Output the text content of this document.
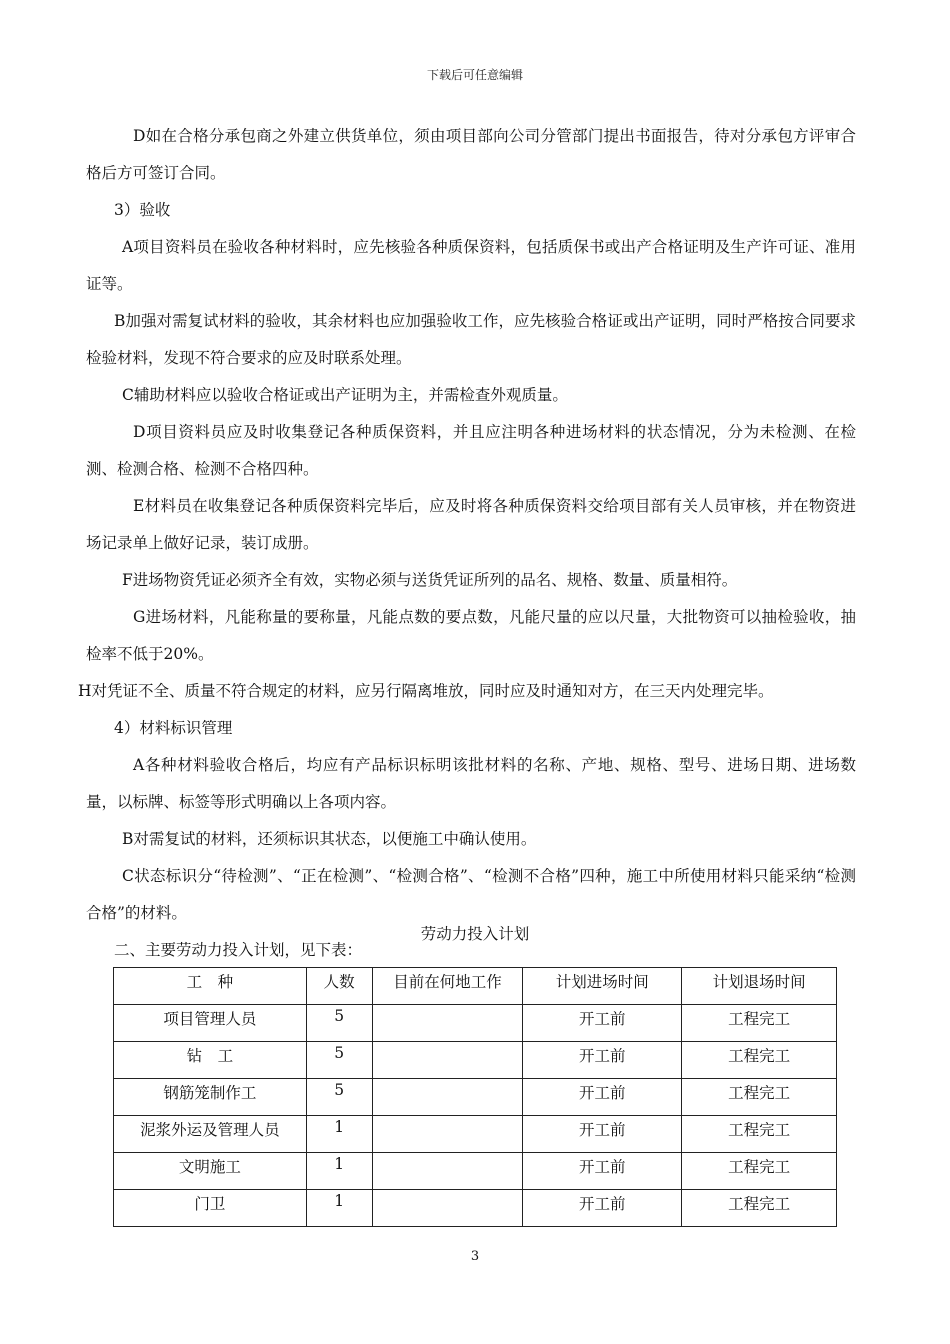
下载后可任意编辑

D如在合格分承包商之外建立供货单位，须由项目部向公司分管部门提出书面报告，待对分承包方评审合格后方可签订合同。

3）验收

A项目资料员在验收各种材料时，应先核验各种质保资料，包括质保书或出产合格证明及生产许可证、准用证等。

B加强对需复试材料的验收，其余材料也应加强验收工作，应先核验合格证或出产证明，同时严格按合同要求检验材料，发现不符合要求的应及时联系处理。

C辅助材料应以验收合格证或出产证明为主，并需检查外观质量。

D项目资料员应及时收集登记各种质保资料，并且应注明各种进场材料的状态情况，分为未检测、在检测、检测合格、检测不合格四种。

E材料员在收集登记各种质保资料完毕后，应及时将各种质保资料交给项目部有关人员审核，并在物资进场记录单上做好记录，装订成册。

F进场物资凭证必须齐全有效，实物必须与送货凭证所列的品名、规格、数量、质量相符。

G进场材料，凡能称量的要称量，凡能点数的要点数，凡能尺量的应以尺量，大批物资可以抽检验收，抽检率不低于20%。

H对凭证不全、质量不符合规定的材料，应另行隔离堆放，同时应及时通知对方，在三天内处理完毕。

4）材料标识管理

A各种材料验收合格后，均应有产品标识标明该批材料的名称、产地、规格、型号、进场日期、进场数量，以标牌、标签等形式明确以上各项内容。

B对需复试的材料，还须标识其状态，以便施工中确认使用。

C状态标识分“待检测”、“正在检测”、“检测合格”、“检测不合格”四种，施工中所使用材料只能采纳“检测合格”的材料。

二、主要劳动力投入计划，见下表：

劳动力投入计划
工　种	人数	目前在何地工作	计划进场时间	计划退场时间
项目管理人员	5		开工前	工程完工
钻　工	5		开工前	工程完工
钢筋笼制作工	5		开工前	工程完工
泥浆外运及管理人员	1		开工前	工程完工
文明施工	1		开工前	工程完工
门卫	1		开工前	工程完工
3
